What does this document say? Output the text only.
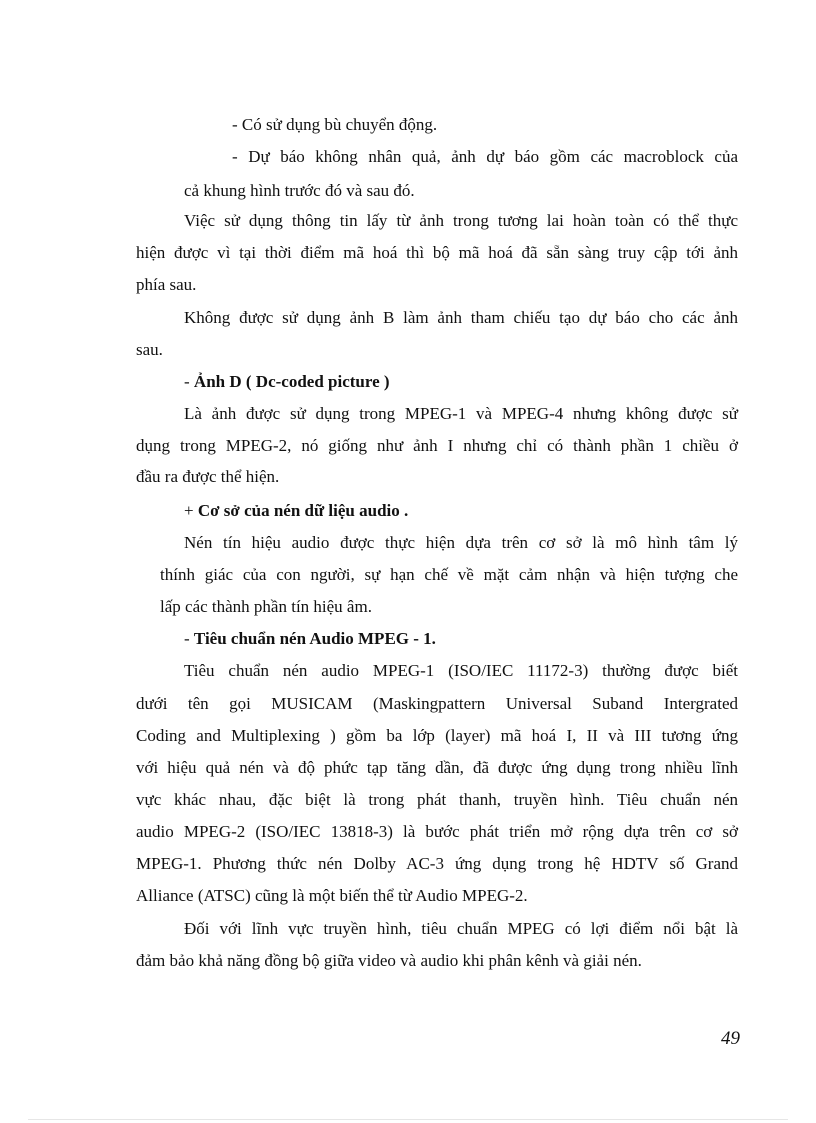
- Có sử dụng bù chuyển động.
- Dự báo không nhân quả, ảnh dự báo gồm các macroblock của
cả khung hình trước đó và sau đó.
Việc sử dụng thông tin lấy từ ảnh trong tương lai hoàn toàn có thể thực
hiện được vì tại thời điểm mã hoá thì bộ mã hoá đã sẵn sàng truy cập tới ảnh
phía sau.
Không được sử dụng ảnh B làm ảnh tham chiếu tạo dự báo cho các ảnh
sau.
- Ảnh D ( Dc-coded picture )
Là ảnh được sử dụng trong MPEG-1 và MPEG-4 nhưng không được sử
dụng trong MPEG-2, nó giống như ảnh I nhưng chỉ có thành phần 1 chiều ở
đầu ra được thể hiện.
+ Cơ sở của nén dữ liệu audio .
Nén tín hiệu audio được thực hiện dựa trên cơ sở là mô hình tâm lý
thính giác của con người, sự hạn chế về mặt cảm nhận và hiện tượng che
lấp các thành phần tín hiệu âm.
- Tiêu chuẩn nén Audio MPEG - 1.
Tiêu chuẩn nén audio MPEG-1 (ISO/IEC 11172-3) thường được biết
dưới tên gọi MUSICAM (Maskingpattern Universal Suband Intergrated
Coding and Multiplexing ) gồm ba lớp (layer) mã hoá I, II và III tương ứng
với hiệu quả nén và độ phức tạp tăng dần, đã được ứng dụng trong nhiều lĩnh
vực khác nhau, đặc biệt là trong phát thanh, truyền hình. Tiêu chuẩn nén
audio MPEG-2 (ISO/IEC 13818-3) là bước phát triển mở rộng dựa trên cơ sở
MPEG-1. Phương thức nén Dolby AC-3 ứng dụng trong hệ HDTV số Grand
Alliance (ATSC) cũng là một biến thể từ Audio MPEG-2.
Đối với lĩnh vực truyền hình, tiêu chuẩn MPEG có lợi điểm nổi bật là
đảm bảo khả năng đồng bộ giữa video và audio khi phân kênh và giải nén.
49
